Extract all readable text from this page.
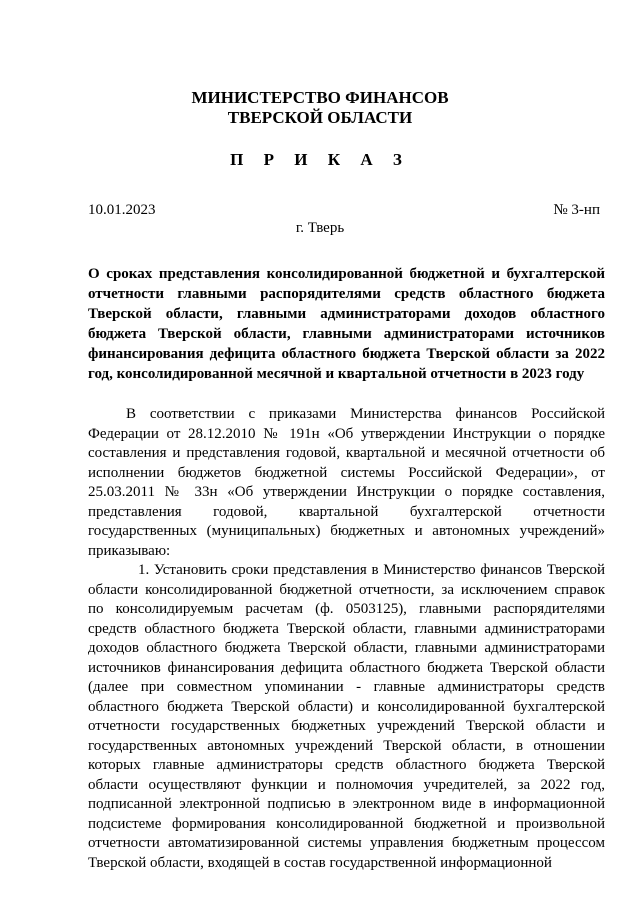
МИНИСТЕРСТВО ФИНАНСОВ
ТВЕРСКОЙ ОБЛАСТИ
П Р И К А З
10.01.2023	№ 3-нп
г. Тверь
О сроках представления консолидированной бюджетной и бухгалтерской отчетности главными распорядителями средств областного бюджета Тверской области, главными администраторами доходов областного бюджета Тверской области, главными администраторами источников финансирования дефицита областного бюджета Тверской области за 2022 год, консолидированной месячной и квартальной отчетности в 2023 году

В соответствии с приказами Министерства финансов Российской Федерации от 28.12.2010 № 191н «Об утверждении Инструкции о порядке составления и представления годовой, квартальной и месячной отчетности об исполнении бюджетов бюджетной системы Российской Федерации», от 25.03.2011 № 33н «Об утверждении Инструкции о порядке составления, представления годовой, квартальной бухгалтерской отчетности государственных (муниципальных) бюджетных и автономных учреждений» приказываю:

1. Установить сроки представления в Министерство финансов Тверской области консолидированной бюджетной отчетности, за исключением справок по консолидируемым расчетам (ф. 0503125), главными распорядителями средств областного бюджета Тверской области, главными администраторами доходов областного бюджета Тверской области, главными администраторами источников финансирования дефицита областного бюджета Тверской области (далее при совместном упоминании - главные администраторы средств областного бюджета Тверской области) и консолидированной бухгалтерской отчетности государственных бюджетных учреждений Тверской области и государственных автономных учреждений Тверской области, в отношении которых главные администраторы средств областного бюджета Тверской области осуществляют функции и полномочия учредителей, за 2022 год, подписанной электронной подписью в электронном виде в информационной подсистеме формирования консолидированной бюджетной и произвольной отчетности автоматизированной системы управления бюджетным процессом Тверской области, входящей в состав государственной информационной
